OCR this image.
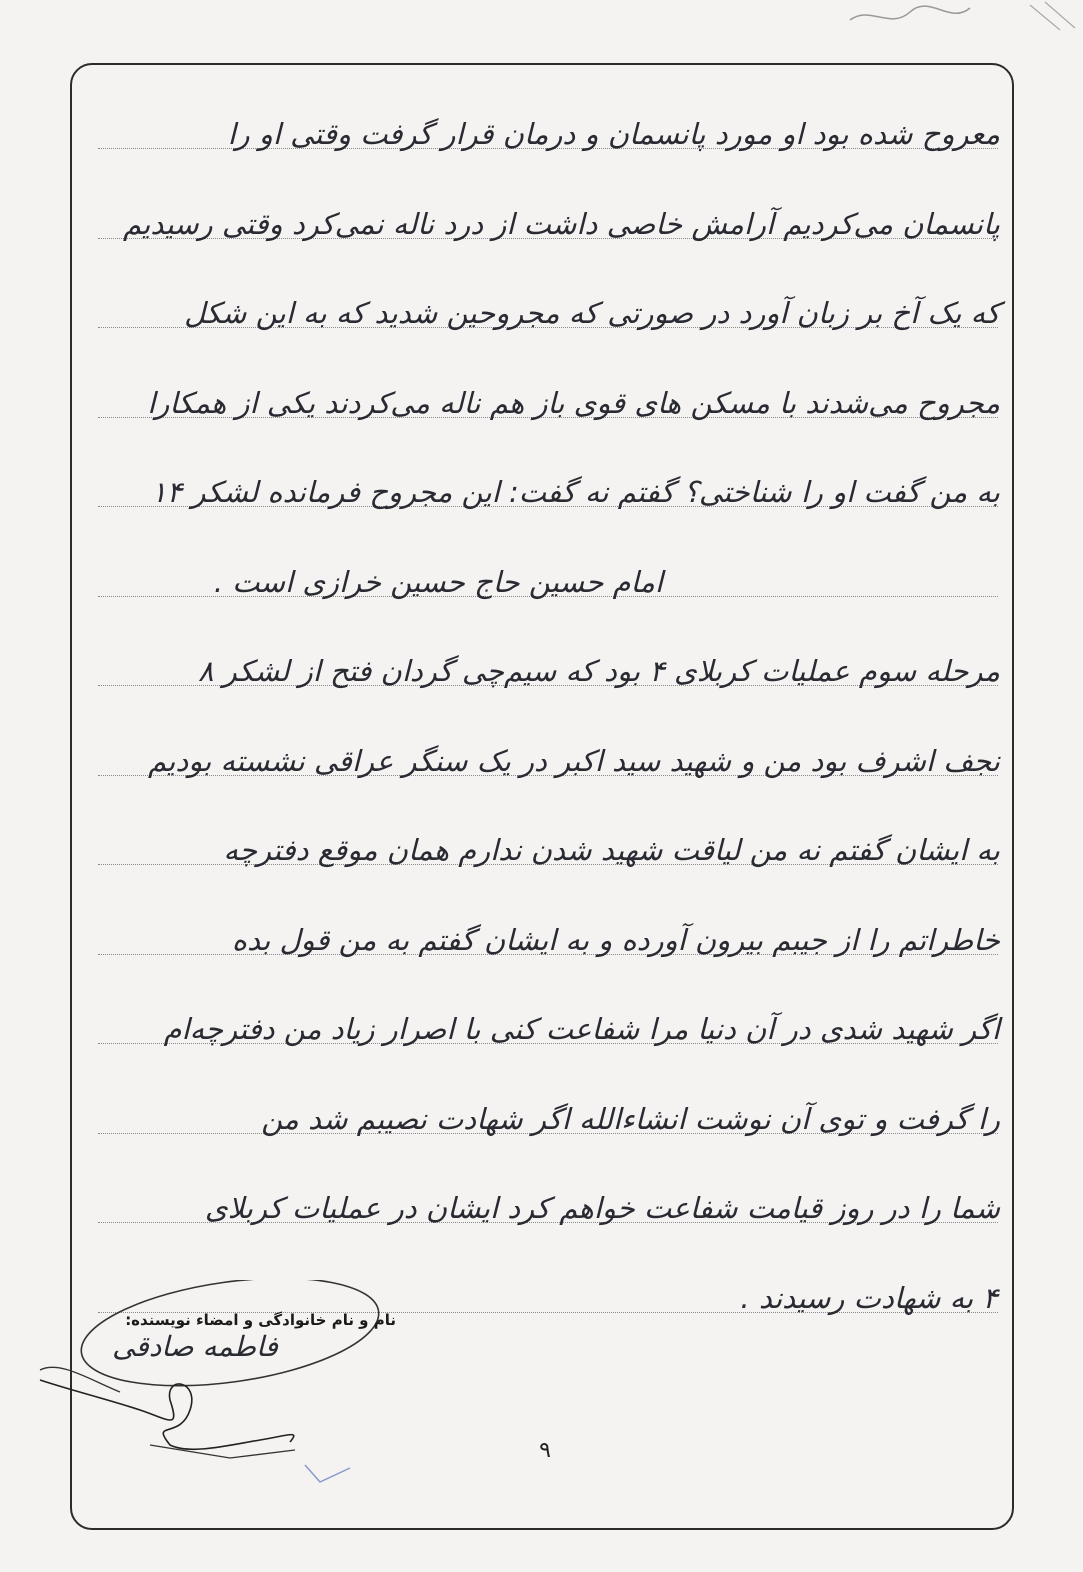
معروح شده بود او مورد پانسمان و درمان قرار گرفت وقتی او را
پانسمان می‌کردیم آرامش خاصی داشت از درد ناله نمی‌کرد وقتی رسیدیم
که یک آخ بر زبان آورد در صورتی که مجروحین شدید که به این شکل
مجروح می‌شدند با مسکن های قوی باز هم ناله می‌کردند یکی از همکارا
به من گفت او را شناختی؟ گفتم نه گفت: این مجروح فرمانده لشکر ۱۴
امام حسین حاج حسین خرازی است .
مرحله سوم عملیات کربلای ۴ بود که سیم‌چی گردان فتح از لشکر ۸
نجف اشرف بود من و شهید سید اکبر در یک سنگر عراقی نشسته بودیم
به ایشان گفتم نه من لیاقت شهید شدن ندارم همان موقع دفترچه
خاطراتم را از جیبم بیرون آورده و به ایشان گفتم به من قول بده
اگر شهید شدی در آن دنیا مرا شفاعت کنی با اصرار زیاد من دفترچه‌ام
را گرفت و توی آن نوشت انشاءالله اگر شهادت نصیبم شد من
شما را در روز قیامت شفاعت خواهم کرد ایشان در عملیات کربلای
۴ به شهادت رسیدند .
نام و نام خانوادگی و امضاء نویسنده:
فاطمه صادقی
۹
